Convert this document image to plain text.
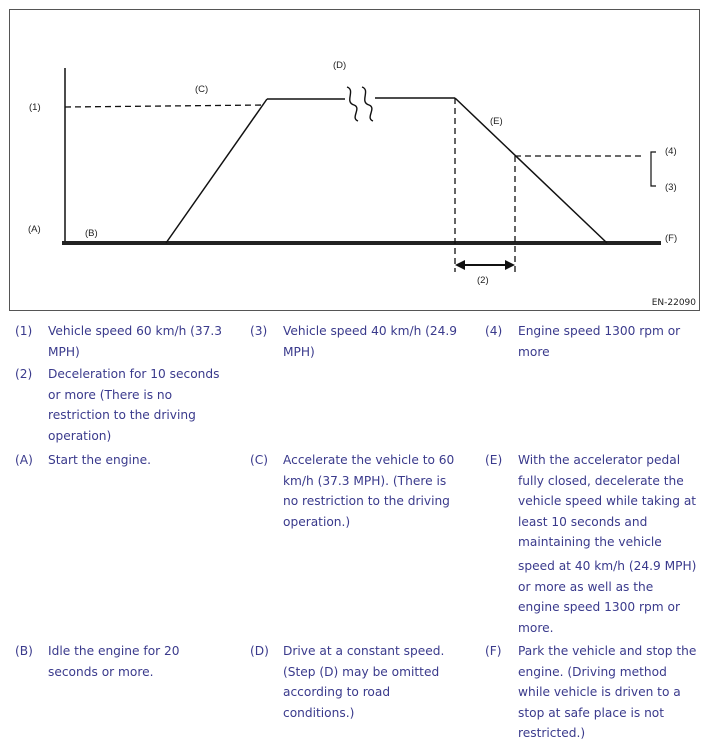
(1)
(C)
(D)
(E)
(4)
(3)
(A)	(B)	(F)
(2)
EN-22090
(1) Vehicle speed 60 km/h (37.3
MPH)
(3) Vehicle speed 40 km/h (24.9
MPH)
(4) Engine speed 1300 rpm or
more
(2) Deceleration for 10 seconds
or more (There is no
restriction to the driving
operation)
(A) Start the engine.	(C) Accelerate the vehicle to 60
km/h (37.3 MPH). (There is
no restriction to the driving
operation.)
(E) With the accelerator pedal
fully closed, decelerate the
vehicle speed while taking at
least 10 seconds and
maintaining the vehicle
speed at 40 km/h (24.9 MPH)
or more as well as the
engine speed 1300 rpm or
more.
(B) Idle the engine for 20
seconds or more.
(D) Drive at a constant speed.
(Step (D) may be omitted
according to road
conditions.)
(F) Park the vehicle and stop the
engine. (Driving method
while vehicle is driven to a
stop at safe place is not
restricted.)
